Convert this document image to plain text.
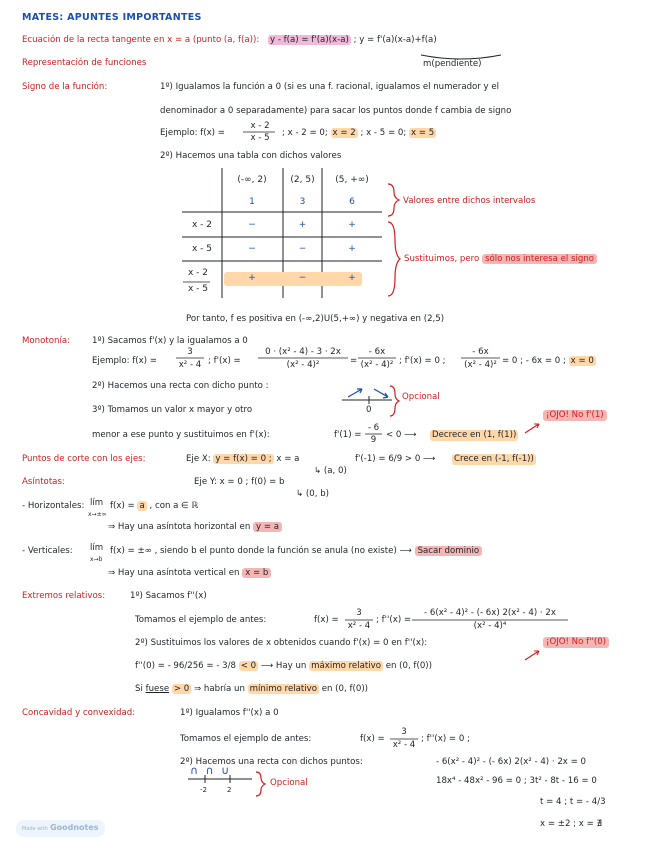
MATES: APUNTES IMPORTANTES
Ecuación de la recta tangente en x = a (punto (a, f(a)): y - f(a) = f'(a)(x-a) ; y = f'(a)(x-a)+f(a)
m(pendiente)
Representación de funciones
Signo de la función:	1º) Igualamos la función a 0 (si es una f. racional, igualamos el numerador y el
denominador a 0 separadamente) para sacar los puntos donde f cambia de signo
Ejemplo: f(x) =
x - 2
x - 5	; x - 2 = 0; x = 2 ; x - 5 = 0; x = 5
2º) Hacemos una tabla con dichos valores
(-∞, 2)	(2, 5)	(5, +∞)
1	3	6
x - 2	−	+	+
x - 5	−	−	+
x - 2
x - 5
+	−	+
Valores entre dichos intervalos
Sustituimos, pero sólo nos interesa el signo
Por tanto, f es positiva en (-∞,2)U(5,+∞) y negativa en (2,5)
Monotonía:	1º) Sacamos f'(x) y la igualamos a 0
Ejemplo: f(x) =
3
x² - 4 ; f'(x) =
0 · (x² - 4) - 3 · 2x
(x² - 4)²	=
- 6x
(x² - 4)² ; f'(x) = 0 ;
- 6x
(x² - 4)² = 0 ; - 6x = 0 ; x = 0
2º) Hacemos una recta con dicho punto :
0
Opcional
3º) Tomamos un valor x mayor y otro
menor a ese punto y sustituimos en f'(x):	f'(1) =
- 6
9	< 0 ⟶ Decrece en (1, f(1))
¡OJO! No f'(1)
Puntos de corte con los ejes:	Eje X: y = f(x) = 0 ; x = a	f'(-1) = 6/9 > 0 ⟶ Crece en (-1, f(-1))
↳ (a, 0)
Eje Y: x = 0 ; f(0) = b
↳ (0, b)
Asíntotas:
- Horizontales: lím
x→±∞
f(x) = a , con a ∈ ℝ
⇒ Hay una asíntota horizontal en y = a
- Verticales: lím
x→b
f(x) = ±∞ , siendo b el punto donde la función se anula (no existe) ⟶ Sacar dominio
⇒ Hay una asíntota vertical en x = b
Extremos relativos:	1º) Sacamos f''(x)
Tomamos el ejemplo de antes:	f(x) =
3
x² - 4
; f''(x) =
- 6(x² - 4)² - (- 6x) 2(x² - 4) · 2x
(x² - 4)⁴
2º) Sustituimos los valores de x obtenidos cuando f'(x) = 0 en f''(x):	¡OJO! No f''(0)
f''(0) = - 96/256 = - 3/8 < 0 ⟶ Hay un máximo relativo en (0, f(0))
Si fuese > 0 ⇒ habría un mínimo relativo en (0, f(0))
Concavidad y convexidad:	1º) Igualamos f''(x) a 0
Tomamos el ejemplo de antes:	f(x) =
3
x² - 4
; f''(x) = 0 ;
2º) Hacemos una recta con dichos puntos:	- 6(x² - 4)² - (- 6x) 2(x² - 4) · 2x = 0
∩ ∩ ∪
-2	2
Opcional	18x⁴ - 48x² - 96 = 0 ; 3t² - 8t - 16 = 0
t = 4 ; t = - 4/3
x = ±2 ; x = ∄
Made with Goodnotes
